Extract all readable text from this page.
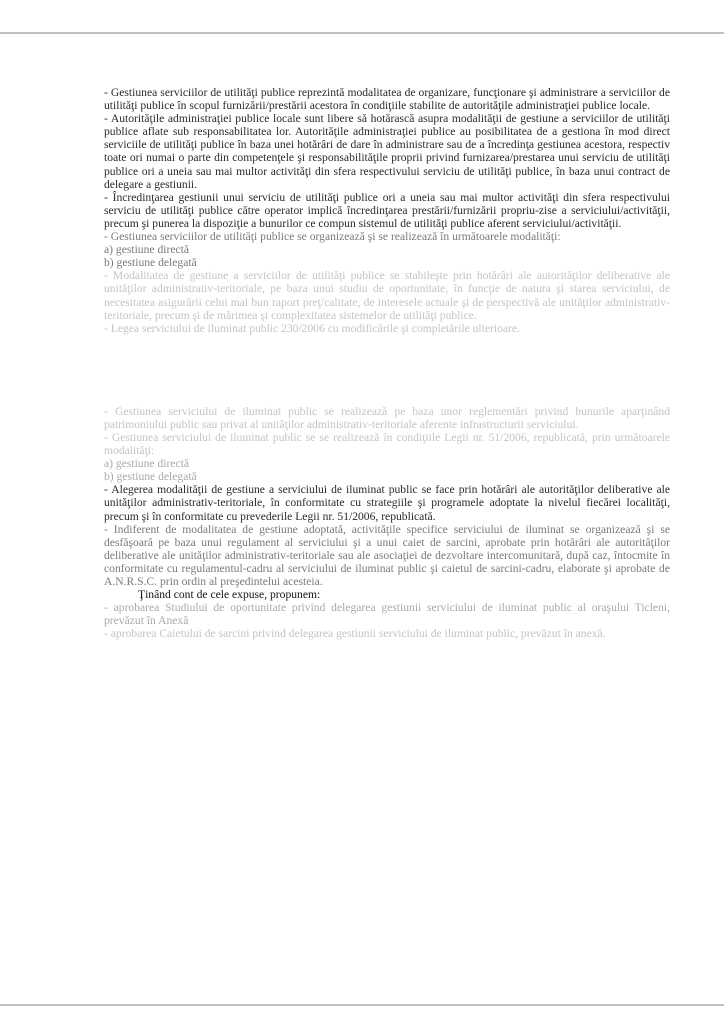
- Gestiunea serviciilor de utilităţi publice reprezintă modalitatea de organizare, funcţionare şi administrare a serviciilor de utilităţi publice în scopul furnizării/prestării acestora în condiţiile stabilite de autorităţile administraţiei publice locale.

- Autorităţile administraţiei publice locale sunt libere să hotărască asupra modalităţii de gestiune a serviciilor de utilităţi publice aflate sub responsabilitatea lor. Autorităţile administraţiei publice au posibilitatea de a gestiona în mod direct serviciile de utilităţi publice în baza unei hotărâri de dare în administrare sau de a încredinţa gestiunea acestora, respectiv toate ori numai o parte din competenţele şi responsabilităţile proprii privind furnizarea/prestarea unui serviciu de utilităţi publice ori a uneia sau mai multor activităţi din sfera respectivului serviciu de utilităţi publice, în baza unui contract de delegare a gestiunii.

- Încredinţarea gestiunii unui serviciu de utilităţi publice ori a uneia sau mai multor activităţi din sfera respectivului serviciu de utilităţi publice către operator implică încredinţarea prestării/furnizării propriu-zise a serviciului/activităţii, precum şi punerea la dispoziţie a bunurilor ce compun sistemul de utilităţi publice aferent serviciului/activităţii.

- Gestiunea serviciilor de utilităţi publice se organizează şi se realizează în următoarele modalităţi:

a) gestiune directă

b) gestiune delegată

- Modalitatea de gestiune a serviciilor de utilităţi publice se stabileşte prin hotărâri ale autorităţilor deliberative ale unităţilor administrativ-teritoriale, pe baza unui studiu de oportunitate, în funcţie de natura şi starea serviciului, de necesitatea asigurării celui mai bun raport preţ/calitate, de interesele actuale şi de perspectivă ale unităţilor administrativ-teritoriale, precum şi de mărimea şi complexitatea sistemelor de utilităţi publice.

- Legea serviciului de iluminat public 230/2006 cu modificările şi completările ulterioare.

- Gestiunea serviciului de iluminat public se realizează pe baza unor reglementări privind bunurile aparţinând patrimoniului public sau privat al unităţilor administrativ-teritoriale aferente infrastructurii serviciului.

- Gestiunea serviciului de iluminat public se se realizează în condiţiile Legii nr. 51/2006, republicată, prin următoarele modalităţi:

a) gestiune directă

b) gestiune delegată

- Alegerea modalităţii de gestiune a serviciului de iluminat public se face prin hotărâri ale autorităţilor deliberative ale unităţilor administrativ-teritoriale, în conformitate cu strategiile şi programele adoptate la nivelul fiecărei localităţi, precum şi în conformitate cu prevederile Legii nr. 51/2006, republicată.

- Indiferent de modalitatea de gestiune adoptată, activităţile specifice serviciului de iluminat se organizează şi se desfăşoară pe baza unui regulament al serviciului şi a unui caiet de sarcini, aprobate prin hotărâri ale autorităţilor deliberative ale unităţilor administrativ-teritoriale sau ale asociaţiei de dezvoltare intercomunitară, după caz, întocmite în conformitate cu regulamentul-cadru al serviciului de iluminat public şi caietul de sarcini-cadru, elaborate şi aprobate de A.N.R.S.C. prin ordin al preşedintelui acesteia.

Ţinând cont de cele expuse, propunem:

- aprobarea Studiului de oportunitate privind delegarea gestiunii serviciului de iluminat public al oraşului Ticleni, prevăzut în Anexă

- aprobarea Caietului de sarcini privind delegarea gestiunii serviciului de iluminat public, prevăzut în anexă.
